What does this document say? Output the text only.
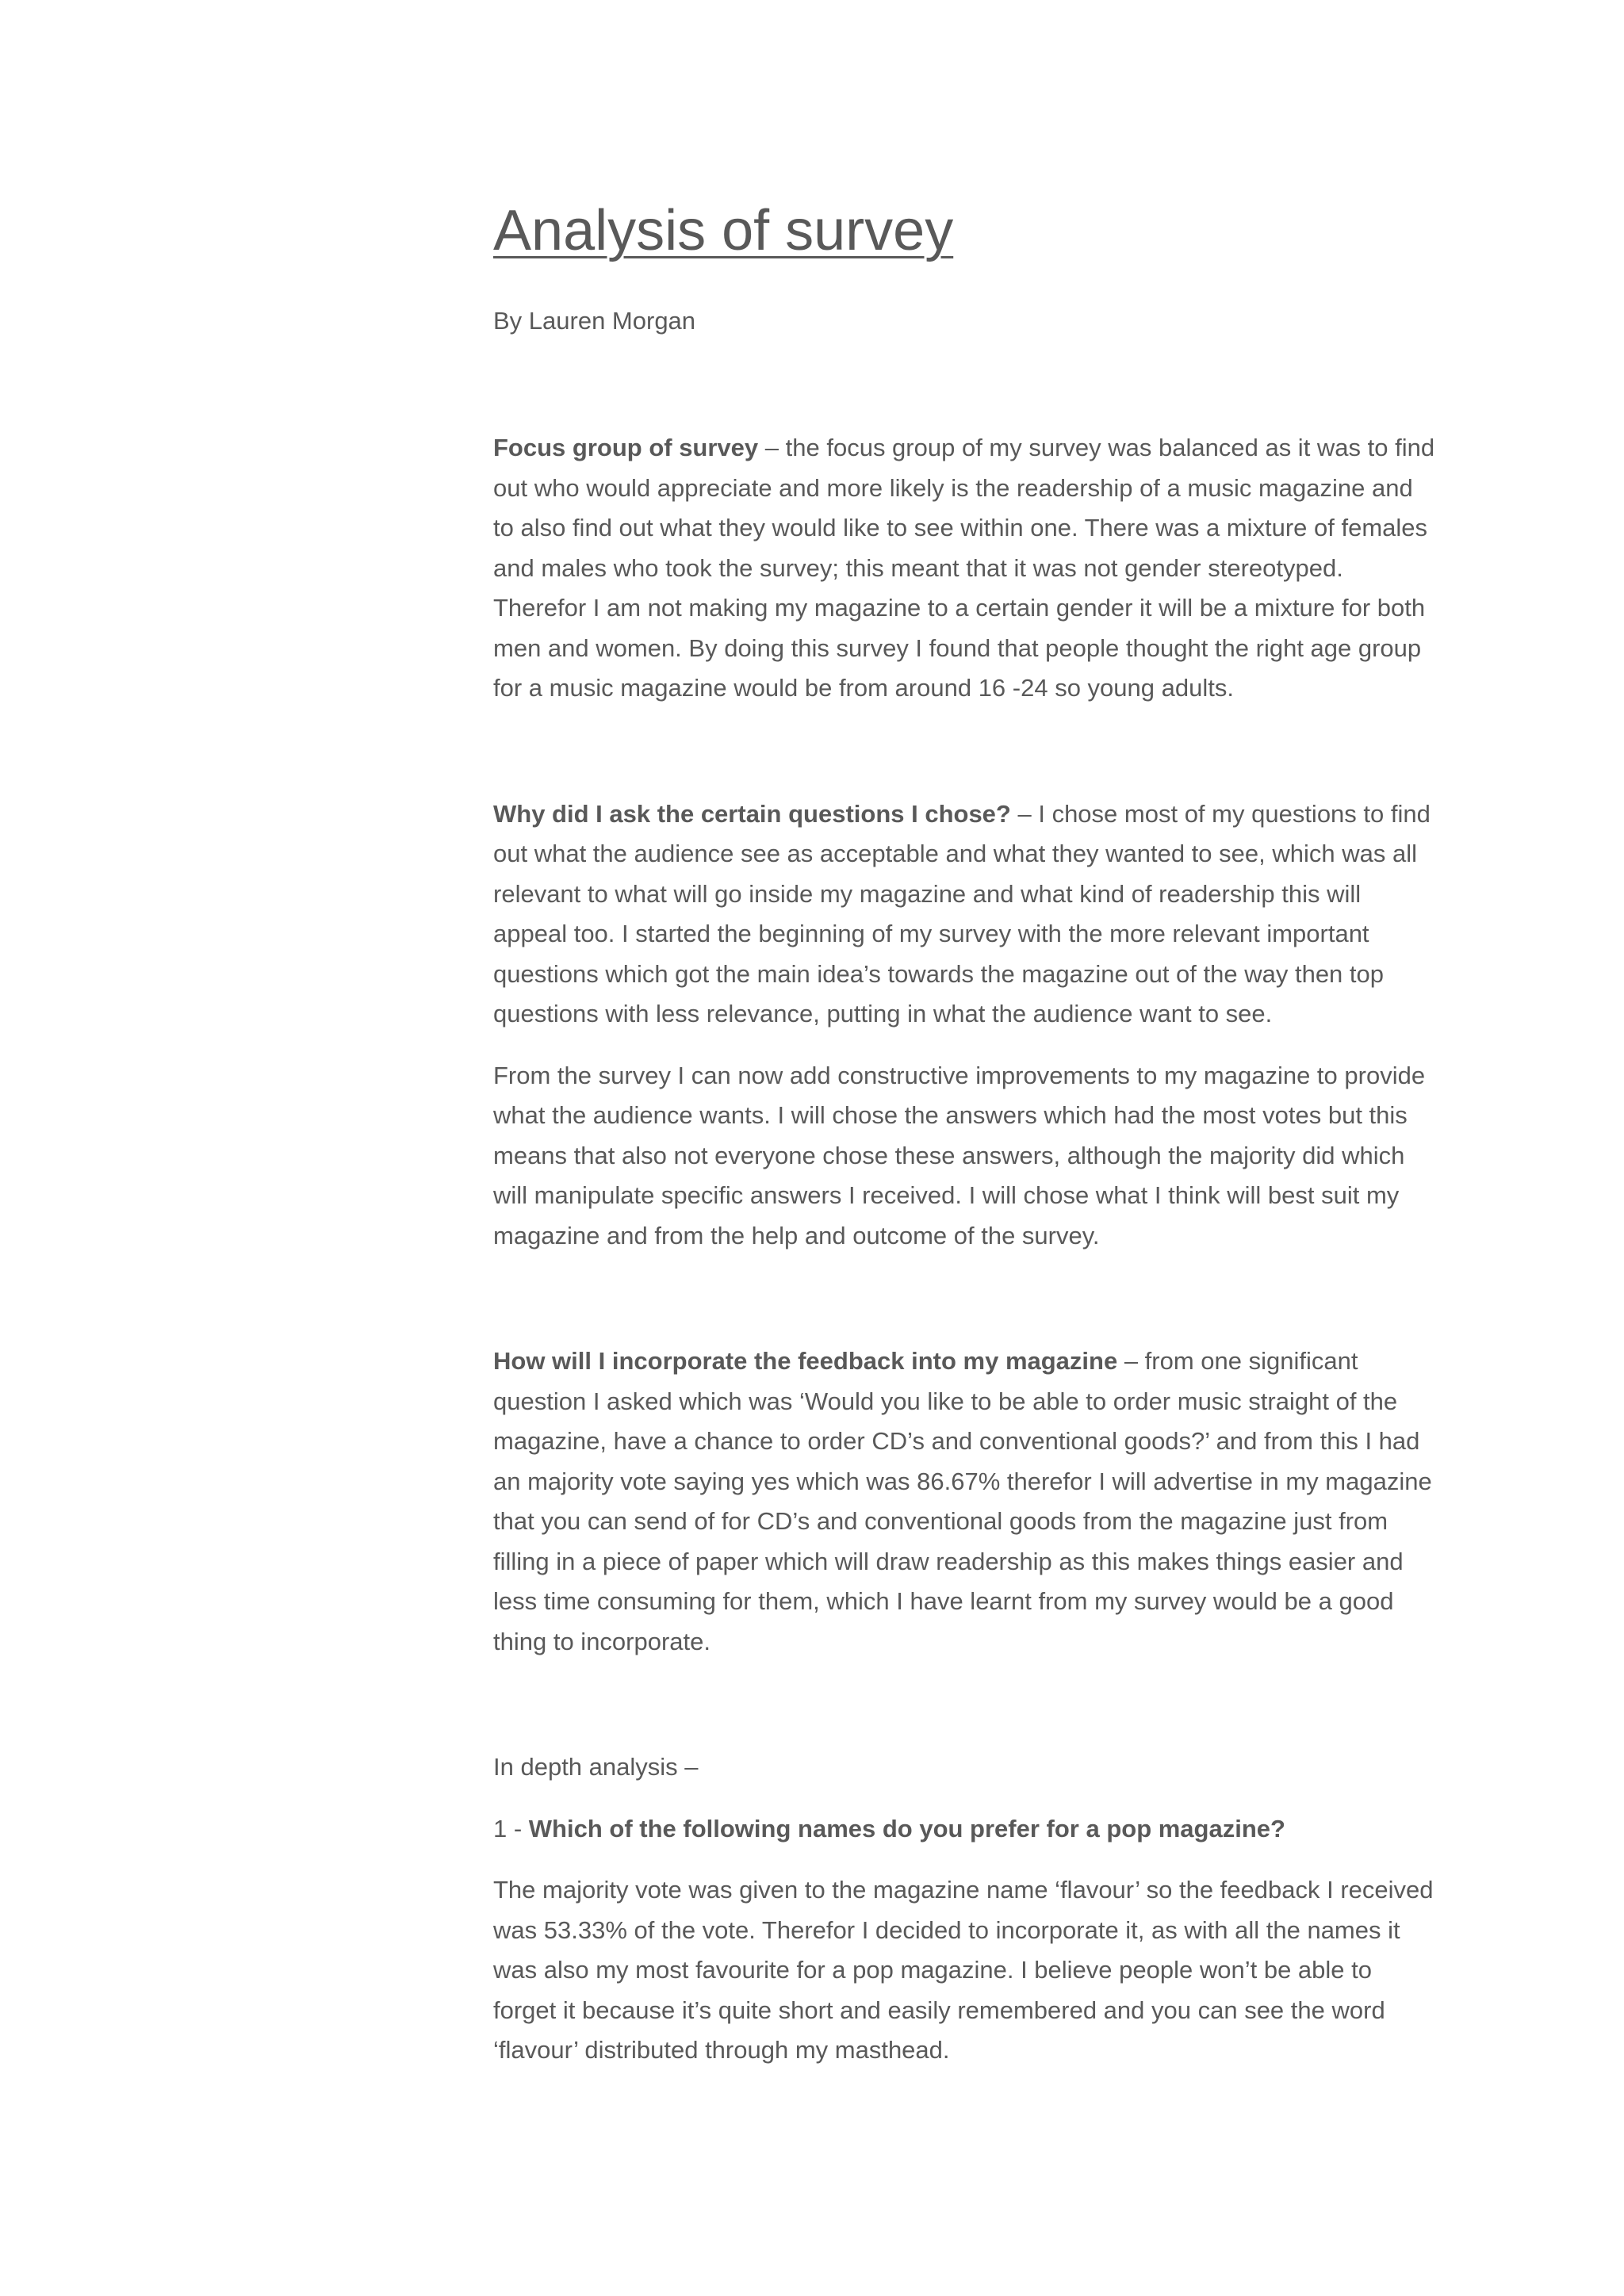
Analysis of survey
By Lauren Morgan

Focus group of survey – the focus group of my survey was balanced as it was to find out who would appreciate and more likely is the readership of a music magazine and to also find out what they would like to see within one. There was a mixture of females and males who took the survey; this meant that it was not gender stereotyped. Therefor I am not making my magazine to a certain gender it will be a mixture for both men and women. By doing this survey I found that people thought the right age group for a music magazine would be from around 16 -24 so young adults.

Why did I ask the certain questions I chose? – I chose most of my questions to find out what the audience see as acceptable and what they wanted to see, which was all relevant to what will go inside my magazine and what kind of readership this will appeal too. I started the beginning of my survey with the more relevant important questions which got the main idea’s towards the magazine out of the way then top questions with less relevance, putting in what the audience want to see.

From the survey I can now add constructive improvements to my magazine to provide what the audience wants. I will chose the answers which had the most votes but this means that also not everyone chose these answers, although the majority did which will manipulate specific answers I received. I will chose what I think will best suit my magazine and from the help and outcome of the survey.

How will I incorporate the feedback into my magazine – from one significant question I asked which was ‘Would you like to be able to order music straight of the magazine, have a chance to order CD’s and conventional goods?’ and from this I had an majority vote saying yes which was 86.67% therefor I will advertise in my magazine that you can send of for CD’s and conventional goods from the magazine just from filling in a piece of paper which will draw readership as this makes things easier and less time consuming for them, which I have learnt from my survey would be a good thing to incorporate.

In depth analysis –

1 - Which of the following names do you prefer for a pop magazine?

The majority vote was given to the magazine name ‘flavour’ so the feedback I received was 53.33% of the vote. Therefor I decided to incorporate it, as with all the names it was also my most favourite for a pop magazine. I believe people won’t be able to forget it because it’s quite short and easily remembered and you can see the word ‘flavour’ distributed through my masthead.
